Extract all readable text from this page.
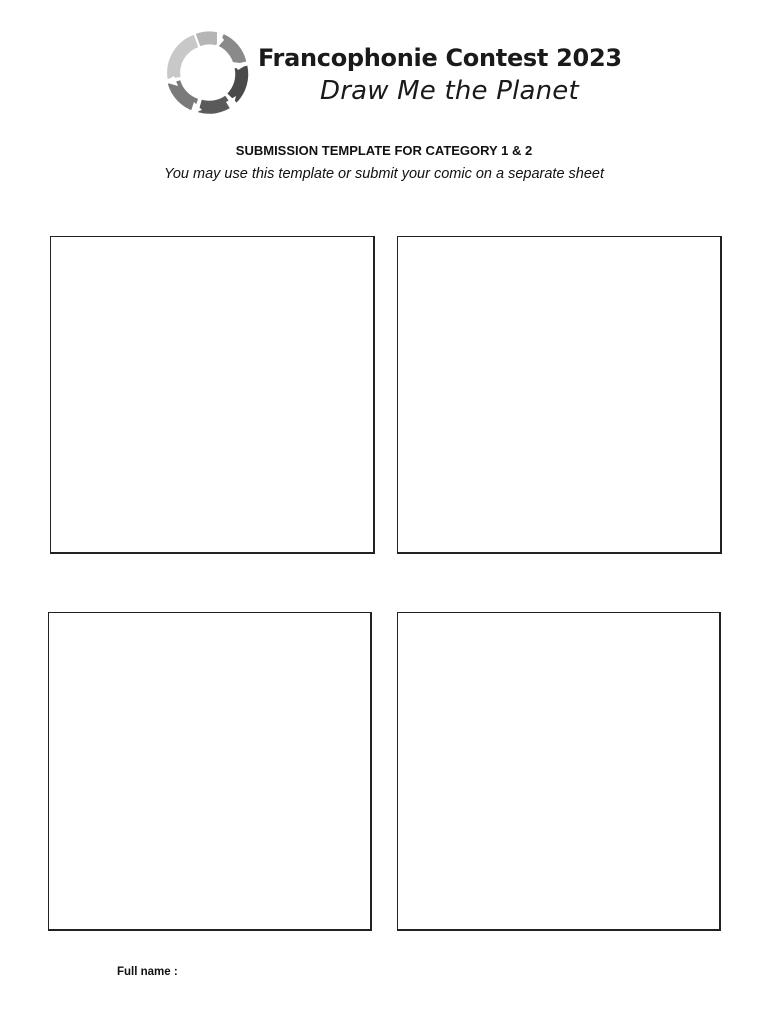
Francophonie Contest 2023
Draw Me the Planet
SUBMISSION TEMPLATE FOR CATEGORY 1 & 2
You may use this template or submit your comic on a separate sheet
Full name :
